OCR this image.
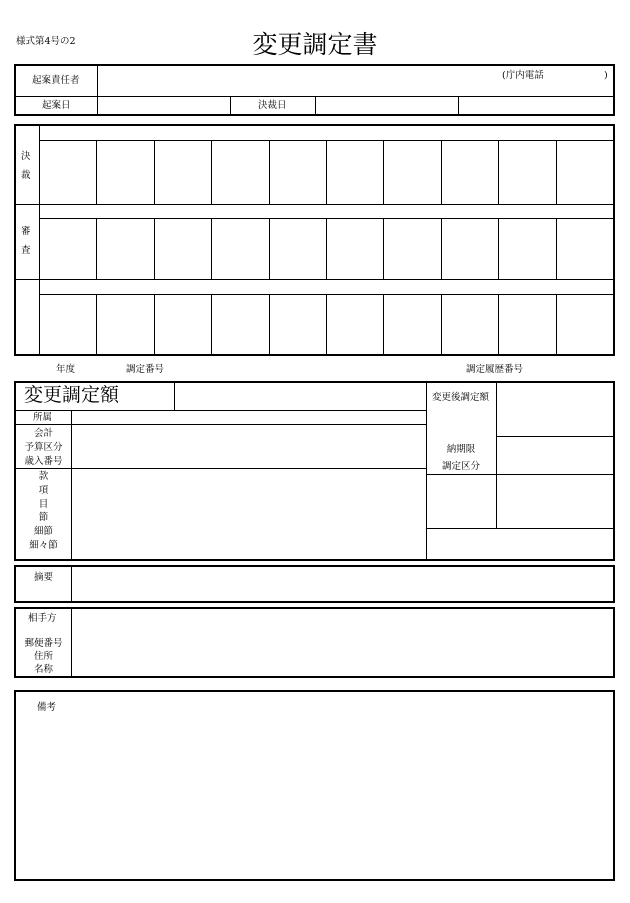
様式第4号の2	変更調定書
起案責任者	(庁内電話	)
起案日	決裁日
決
裁
審
査
年度	調定番号	調定履歴番号
変更調定額
所属
会計
予算区分
歳入番号
款
項
目
節
細節
細々節
変更後調定額
納期限
調定区分
摘要
相手方
郵便番号
住所
名称
備考
